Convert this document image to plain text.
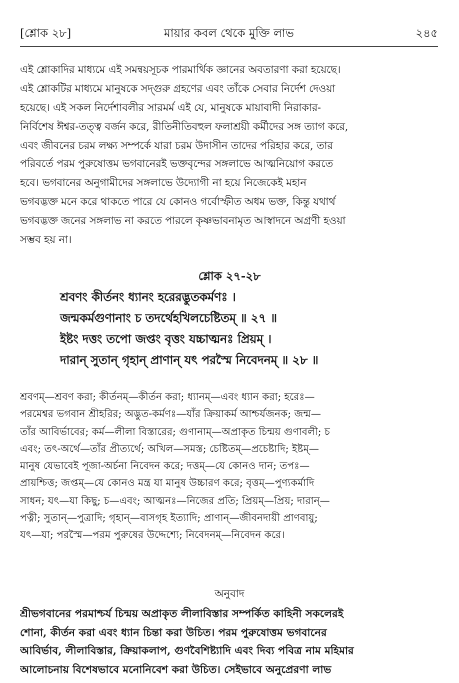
[শ্লোক ২৮]	মায়ার কবল থেকে মুক্তি লাভ	২৪৫
এই শ্লোকাদির মাধ্যমে এই সমন্বয়সূচক পারমার্থিক জ্ঞানের অবতারণা করা হয়েছে।
এই শ্লোকটির মাধ্যমে মানুষকে সদ্গুরু গ্রহণের এবং তাঁকে সেবার নির্দেশ দেওয়া
হয়েছে। এই সকল নির্দেশাবলীর সারমর্ম এই যে, মানুষকে মায়াবাদী নিরাকার-
নির্বিশেষ ঈশ্বর-তত্ত্ব বর্জন করে, রীতিনীতিবহুল ফলাশ্রয়ী কর্মীদের সঙ্গ ত্যাগ করে,
এবং জীবনের চরম লক্ষ্য সম্পর্কে যারা চরম উদাসীন তাদের পরিহার করে, তার
পরিবর্তে পরম পুরুষোত্তম ভগবানেরই ভক্তবৃন্দের সঙ্গলাভে আত্মনিয়োগ করতে
হবে। ভগবানের অনুগামীদের সঙ্গলাভে উদ্যোগী না হয়ে নিজেকেই মহান
ভগবদ্ভক্ত মনে করে থাকতে পারে যে কোনও গর্বোস্ফীত অধম ভক্ত, কিন্তু যথার্থ
ভগবদ্ভক্ত জনের সঙ্গলাভ না করতে পারলে কৃষ্ণভাবনামৃত আস্বাদনে অগ্রণী হওয়া
সম্ভব হয় না।
শ্লোক ২৭-২৮
শ্রবণং কীর্তনং ধ্যানং হরেরদ্ভুতকর্মণঃ ।
জন্মকর্মগুণানাং চ তদর্থেহখিলচেষ্টিতম্ ॥ ২৭ ॥
ইষ্টং দত্তং তপো জপ্তং বৃত্তং যচ্চাত্মনঃ প্রিয়ম্ ।
দারান্ সুতান্ গৃহান্ প্রাণান্ যৎ পরস্মৈ নিবেদনম্ ॥ ২৮ ॥
শ্রবণম্—শ্রবণ করা; কীর্তনম্—কীর্তন করা; ধ্যানম্—এবং ধ্যান করা; হরেঃ—
পরমেশ্বর ভগবান শ্রীহরির; অদ্ভুত-কর্মণঃ—যাঁর ক্রিয়াকর্ম আশ্চর্যজনক; জন্ম—
তাঁর আবির্ভাবের; কর্ম—লীলা বিস্তারের; গুণানাম্—অপ্রাকৃত চিন্ময় গুণাবলী; চ
এবং; তৎ-অর্থে—তাঁর প্রীত্যর্থে; অখিল—সমস্ত; চেষ্টিতম্—প্রচেষ্টাদি; ইষ্টম্—
মানুষ যেভাবেই পূজা-অর্চনা নিবেদন করে; দত্তম্—যে কোনও দান; তপঃ—
প্রায়শ্চিত্ত; জপ্তম্—যে কোনও মন্ত্র যা মানুষ উচ্চারণ করে; বৃত্তম্—পুণ্যকর্মাদি
সাধন; যৎ—যা কিছু; চ—এবং; আত্মনঃ—নিজের প্রতি; প্রিয়ম্—প্রিয়; দারান্—
পত্নী; সুতান্—পুত্রাদি; গৃহান্—বাসগৃহ ইত্যাদি; প্রাণান্—জীবনদায়ী প্রাণবায়ু;
যৎ—যা; পরস্মৈ—পরম পুরুষের উদ্দেশ্যে; নিবেদনম্—নিবেদন করে।
অনুবাদ
শ্রীভগবানের পরমাশ্চর্য চিন্ময় অপ্রাকৃত লীলাবিস্তার সম্পর্কিত কাহিনী সকলেরই
শোনা, কীর্তন করা এবং ধ্যান চিন্তা করা উচিত। পরম পুরুষোত্তম ভগবানের
আবির্ভাব, লীলাবিস্তার, ক্রিয়াকলাপ, গুণবৈশিষ্ট্যাদি এবং দিব্য পবিত্র নাম মহিমার
আলোচনায় বিশেষভাবে মনোনিবেশ করা উচিত। সেইভাবে অনুপ্রেরণা লাভ
